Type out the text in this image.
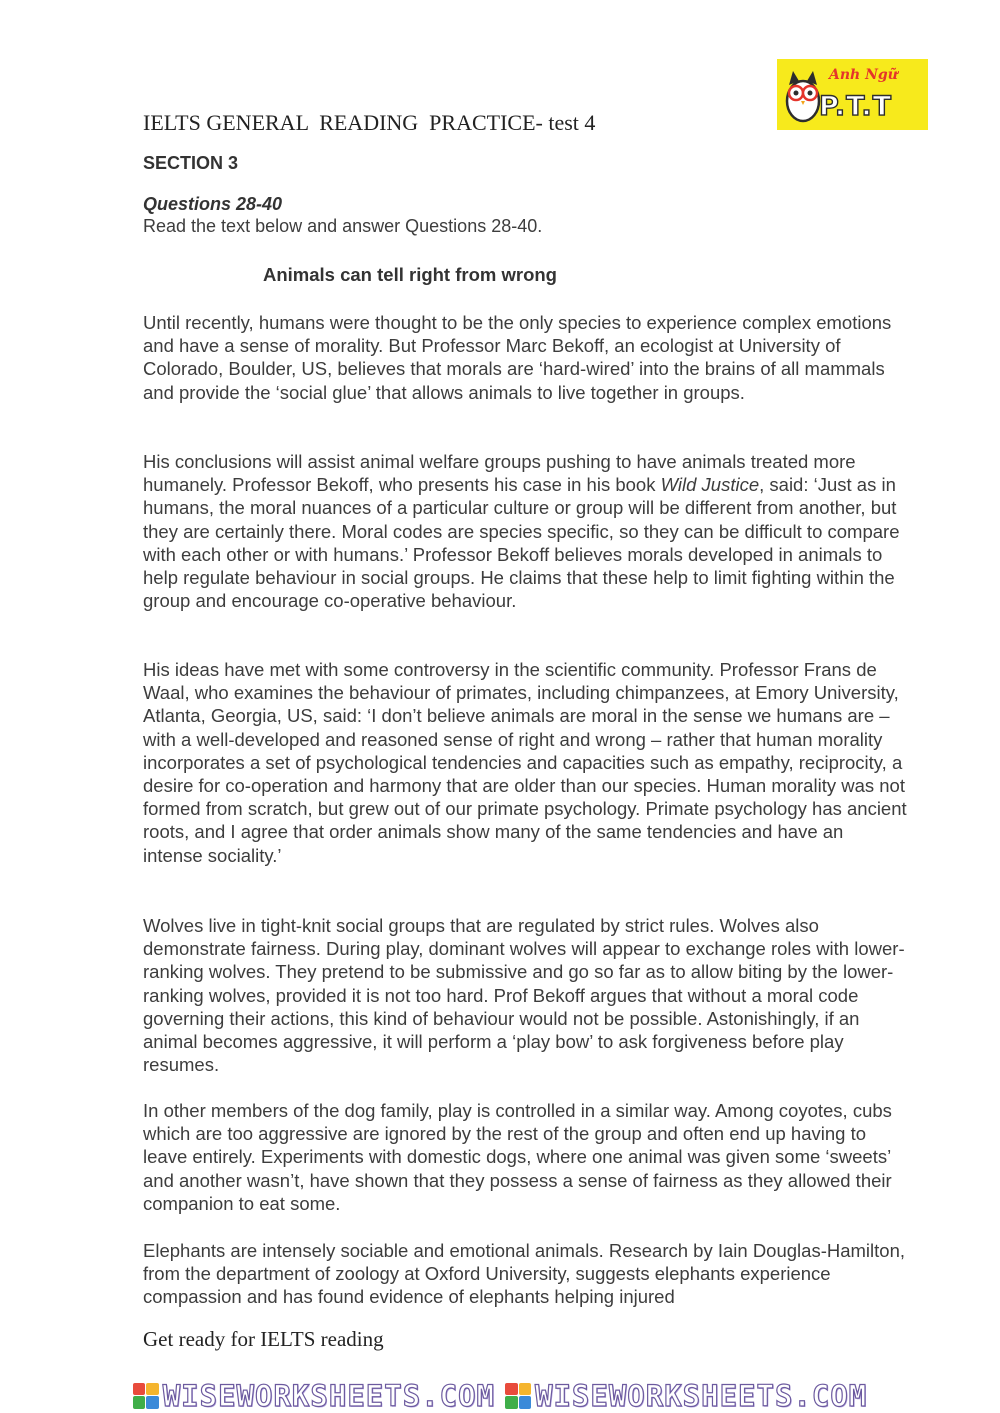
Anh Ngữ
P.T.T
IELTS GENERAL  READING  PRACTICE- test 4
SECTION 3
Questions 28-40
Read the text below and answer Questions 28-40.
Animals can tell right from wrong

Until recently, humans were thought to be the only species to experience complex emotions and have a sense of morality. But Professor Marc Bekoff, an ecologist at University of Colorado, Boulder, US, believes that morals are ‘hard-wired’ into the brains of all mammals and provide the ‘social glue’ that allows animals to live together in groups.

His conclusions will assist animal welfare groups pushing to have animals treated more humanely. Professor Bekoff, who presents his case in his book Wild Justice, said: ‘Just as in humans, the moral nuances of a particular culture or group will be different from another, but they are certainly there. Moral codes are species specific, so they can be difficult to compare with each other or with humans.’ Professor Bekoff believes morals developed in animals to help regulate behaviour in social groups. He claims that these help to limit fighting within the group and encourage co-operative behaviour.

His ideas have met with some controversy in the scientific community. Professor Frans de Waal, who examines the behaviour of primates, including chimpanzees, at Emory University, Atlanta, Georgia, US, said: ‘I don’t believe animals are moral in the sense we humans are – with a well-developed and reasoned sense of right and wrong – rather that human morality incorporates a set of psychological tendencies and capacities such as empathy, reciprocity, a desire for co-operation and harmony that are older than our species. Human morality was not formed from scratch, but grew out of our primate psychology. Primate psychology has ancient roots, and I agree that order animals show many of the same tendencies and have an intense sociality.’

Wolves live in tight-knit social groups that are regulated by strict rules. Wolves also demonstrate fairness. During play, dominant wolves will appear to exchange roles with lower-ranking wolves. They pretend to be submissive and go so far as to allow biting by the lower-ranking wolves, provided it is not too hard. Prof Bekoff argues that without a moral code governing their actions, this kind of behaviour would not be possible. Astonishingly, if an animal becomes aggressive, it will perform a ‘play bow’ to ask forgiveness before play resumes.

In other members of the dog family, play is controlled in a similar way. Among coyotes, cubs which are too aggressive are ignored by the rest of the group and often end up having to leave entirely. Experiments with domestic dogs, where one animal was given some ‘sweets’ and another wasn’t, have shown that they possess a sense of fairness as they allowed their companion to eat some.

Elephants are intensely sociable and emotional animals. Research by Iain Douglas-Hamilton, from the department of zoology at Oxford University, suggests elephants experience compassion and has found evidence of elephants helping injured

Get ready for IELTS reading
WISEWORKSHEETS.COM WISEWORKSHEETS.COM
